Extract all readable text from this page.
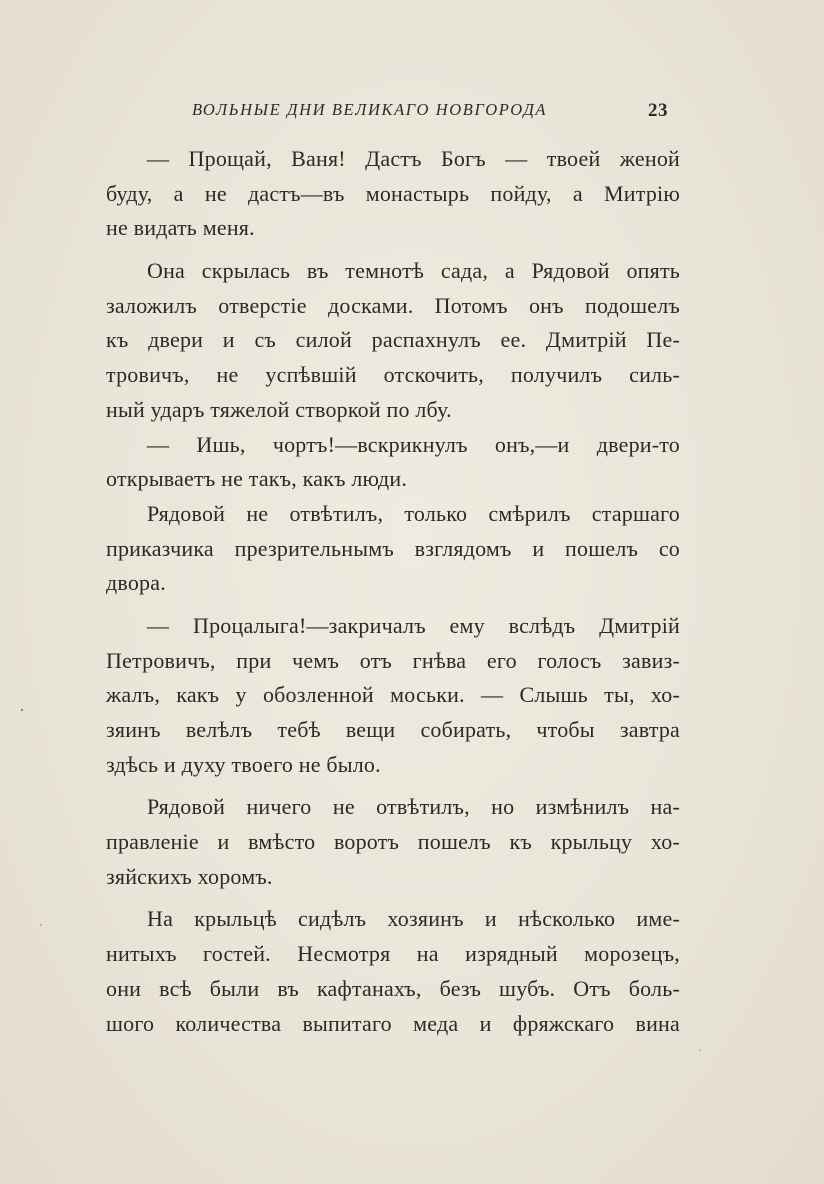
ВОЛЬНЫЕ ДНИ ВЕЛИКАГО НОВГОРОДА	23
— Прощай, Ваня! Дастъ Богъ — твоей женой
буду, а не дастъ—въ монастырь пойду, а Митрію
не видать меня.
Она скрылась въ темнотѣ сада, а Рядовой опять
заложилъ отверстіе досками. Потомъ онъ подошелъ
къ двери и съ силой распахнулъ ее. Дмитрій Пе-
тровичъ, не успѣвшій отскочить, получилъ силь-
ный ударъ тяжелой створкой по лбу.
— Ишь, чортъ!—вскрикнулъ онъ,—и двери-то
открываетъ не такъ, какъ люди.
Рядовой не отвѣтилъ, только смѣрилъ старшаго
приказчика презрительнымъ взглядомъ и пошелъ со
двора.
— Процалыга!—закричалъ ему вслѣдъ Дмитрій
Петровичъ, при чемъ отъ гнѣва его голосъ завиз-
жалъ, какъ у обозленной моськи. — Слышь ты, хо-
зяинъ велѣлъ тебѣ вещи собирать, чтобы завтра
здѣсь и духу твоего не было.
Рядовой ничего не отвѣтилъ, но измѣнилъ на-
правленіе и вмѣсто воротъ пошелъ къ крыльцу хо-
зяйскихъ хоромъ.
На крыльцѣ сидѣлъ хозяинъ и нѣсколько име-
нитыхъ гостей. Несмотря на изрядный морозецъ,
они всѣ были въ кафтанахъ, безъ шубъ. Отъ боль-
шого количества выпитаго меда и фряжскаго вина
